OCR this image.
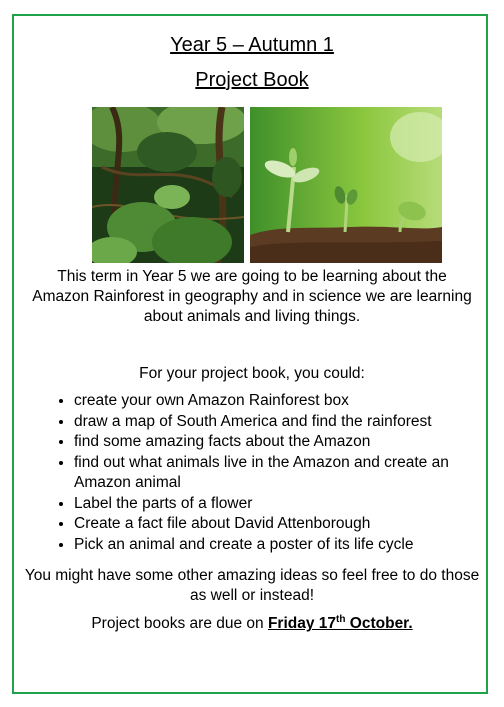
Year 5 – Autumn 1
Project Book
This term in Year 5 we are going to be learning about the Amazon Rainforest in geography and in science we are learning about animals and living things.
For your project book, you could:
• create your own Amazon Rainforest box
• draw a map of South America and find the rainforest
• find some amazing facts about the Amazon
• find out what animals live in the Amazon and create an Amazon animal
• Label the parts of a flower
• Create a fact file about David Attenborough
• Pick an animal and create a poster of its life cycle
You might have some other amazing ideas so feel free to do those as well or instead!
Project books are due on Friday 17th October.
